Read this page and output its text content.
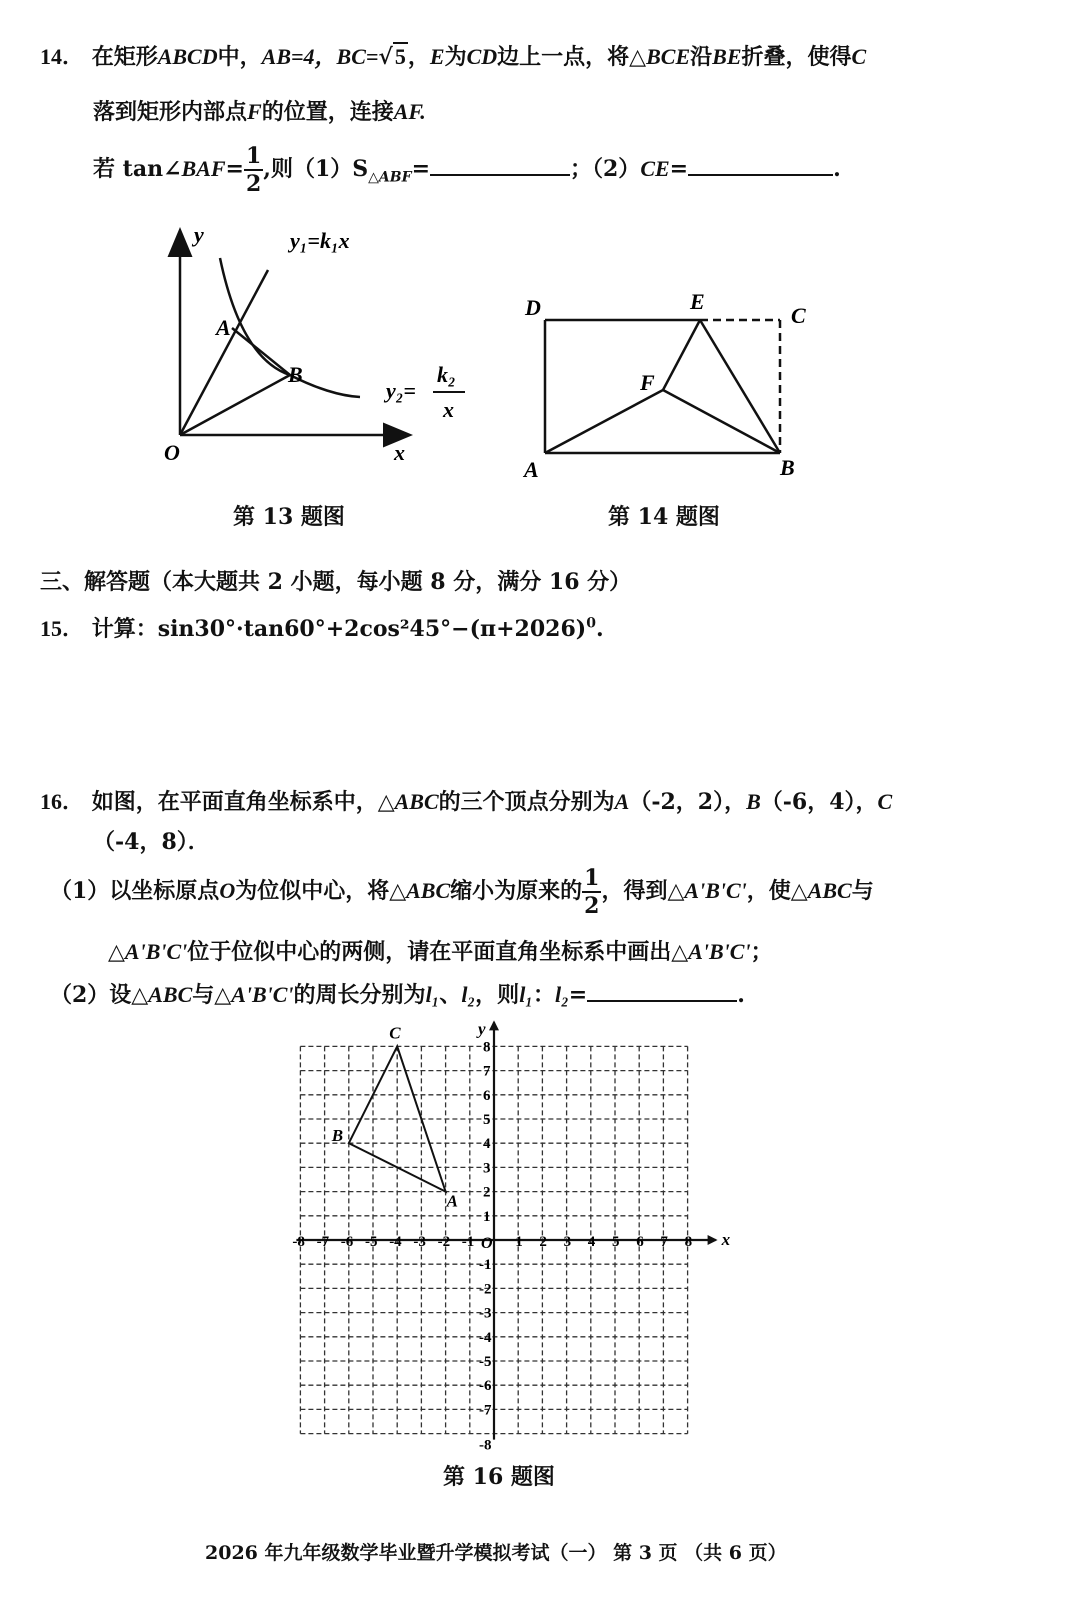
14． 在矩形ABCD中，AB=4，BC=√5，E为CD边上一点，将△BCE沿BE折叠，使得C
落到矩形内部点F的位置，连接AF.
若 tan∠BAF= $\frac{1}{2}$ ,则$(1)S_{\triangle ABF}=$	；（2）CE=	.
y
x
O
A
B
y₁=k₁x
y₂=
k₂
x
第 13 题图
D	E
C
F
A	B
第 14 题图
三、解答题（本大题共 2 小题，每小题 8 分，满分 16 分）
15． 计算：$\sin 30^\circ\cdot\tan 60^\circ+2\cos^245^\circ-(\pi+2026)^0$.
16． 如图，在平面直角坐标系中，△ABC的三个顶点分别为A（-2，2），B（-6，4），C
（-4，8）．
（1）以坐标原点O为位似中心，将△ABC缩小为原来的 $\frac{1}{2}$ ，得到△A'B'C'，使△ABC与
△A'B'C'位于位似中心的两侧，请在平面直角坐标系中画出△A'B'C'；
（2）设△ABC与△A'B'C'的周长分别为l₁、l₂，则l₁：l₂=	.
x
y
O
-8 -7 -6 -5 -4 -3 -2 -1	1 2 3 4 5 6 7 8
8
7
6
5
4
3
2
1
-1
-2
-3
-4
-5
-6
-7
-8
A
B
C
第 16 题图
2026 年九年级数学毕业暨升学模拟考试（一） 第 3 页 （共 6 页）
